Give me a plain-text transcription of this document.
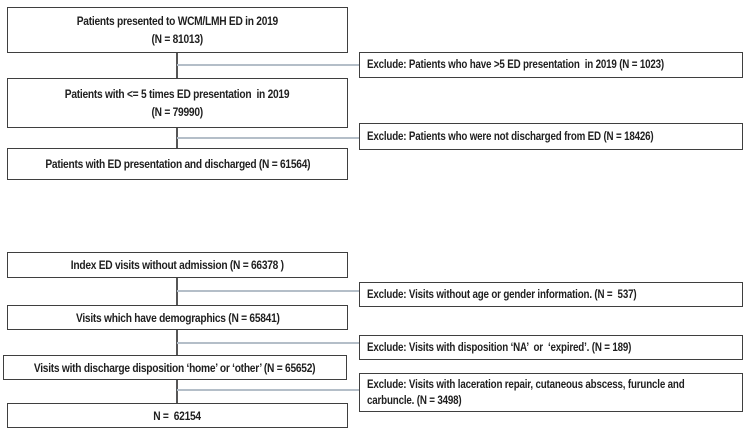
Patients presented to WCM/LMH ED in 2019
(N = 81013)
Patients with <= 5 times ED presentation  in 2019
(N = 79990)
Patients with ED presentation and discharged (N = 61564)
Index ED visits without admission (N = 66378 )
Visits which have demographics (N = 65841)
Visits with discharge disposition ‘home’ or ‘other’ (N = 65652)
N =  62154
Exclude: Patients who have >5 ED presentation  in 2019 (N = 1023)
Exclude: Patients who were not discharged from ED (N = 18426)
Exclude: Visits without age or gender information. (N =  537)
Exclude: Visits with disposition ‘NA’  or  ‘expired’. (N = 189)
Exclude: Visits with laceration repair, cutaneous abscess, furuncle and
carbuncle. (N = 3498)
